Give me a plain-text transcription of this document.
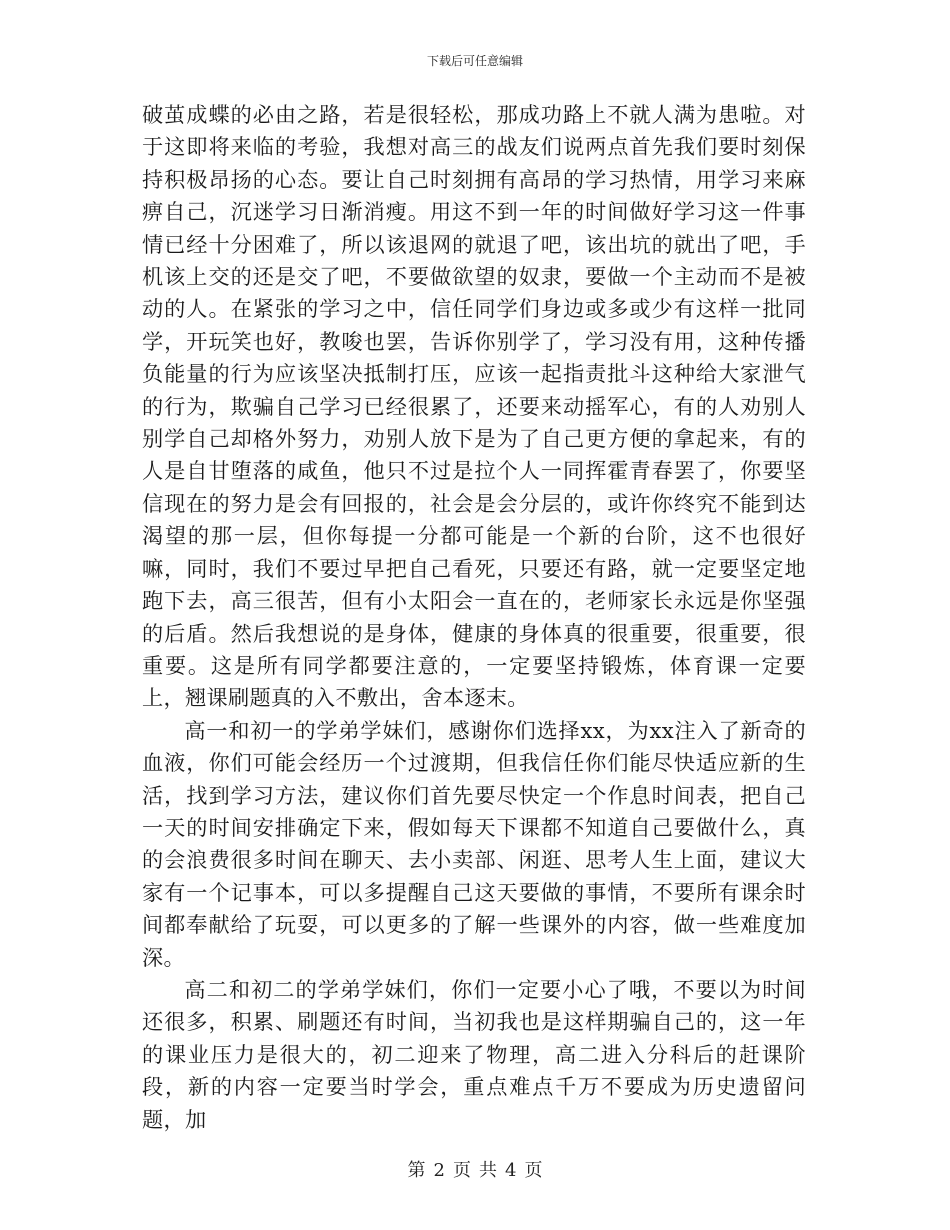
下载后可任意编辑

破茧成蝶的必由之路，若是很轻松，那成功路上不就人满为患啦。对于这即将来临的考验，我想对高三的战友们说两点首先我们要时刻保持积极昂扬的心态。要让自己时刻拥有高昂的学习热情，用学习来麻痹自己，沉迷学习日渐消瘦。用这不到一年的时间做好学习这一件事情已经十分困难了，所以该退网的就退了吧，该出坑的就出了吧，手机该上交的还是交了吧，不要做欲望的奴隶，要做一个主动而不是被动的人。在紧张的学习之中，信任同学们身边或多或少有这样一批同学，开玩笑也好，教唆也罢，告诉你别学了，学习没有用，这种传播负能量的行为应该坚决抵制打压，应该一起指责批斗这种给大家泄气的行为，欺骗自己学习已经很累了，还要来动摇军心，有的人劝别人别学自己却格外努力，劝别人放下是为了自己更方便的拿起来，有的人是自甘堕落的咸鱼，他只不过是拉个人一同挥霍青春罢了，你要坚信现在的努力是会有回报的，社会是会分层的，或许你终究不能到达渴望的那一层，但你每提一分都可能是一个新的台阶，这不也很好嘛，同时，我们不要过早把自己看死，只要还有路，就一定要坚定地跑下去，高三很苦，但有小太阳会一直在的，老师家长永远是你坚强的后盾。然后我想说的是身体，健康的身体真的很重要，很重要，很重要。这是所有同学都要注意的，一定要坚持锻炼，体育课一定要上，翘课刷题真的入不敷出，舍本逐末。

高一和初一的学弟学妹们，感谢你们选择xx，为xx注入了新奇的血液，你们可能会经历一个过渡期，但我信任你们能尽快适应新的生活，找到学习方法，建议你们首先要尽快定一个作息时间表，把自己一天的时间安排确定下来，假如每天下课都不知道自己要做什么，真的会浪费很多时间在聊天、去小卖部、闲逛、思考人生上面，建议大家有一个记事本，可以多提醒自己这天要做的事情，不要所有课余时间都奉献给了玩耍，可以更多的了解一些课外的内容，做一些难度加深。

高二和初二的学弟学妹们，你们一定要小心了哦，不要以为时间还很多，积累、刷题还有时间，当初我也是这样期骗自己的，这一年的课业压力是很大的，初二迎来了物理，高二进入分科后的赶课阶段，新的内容一定要当时学会，重点难点千万不要成为历史遗留问题，加

第 2 页 共 4 页
